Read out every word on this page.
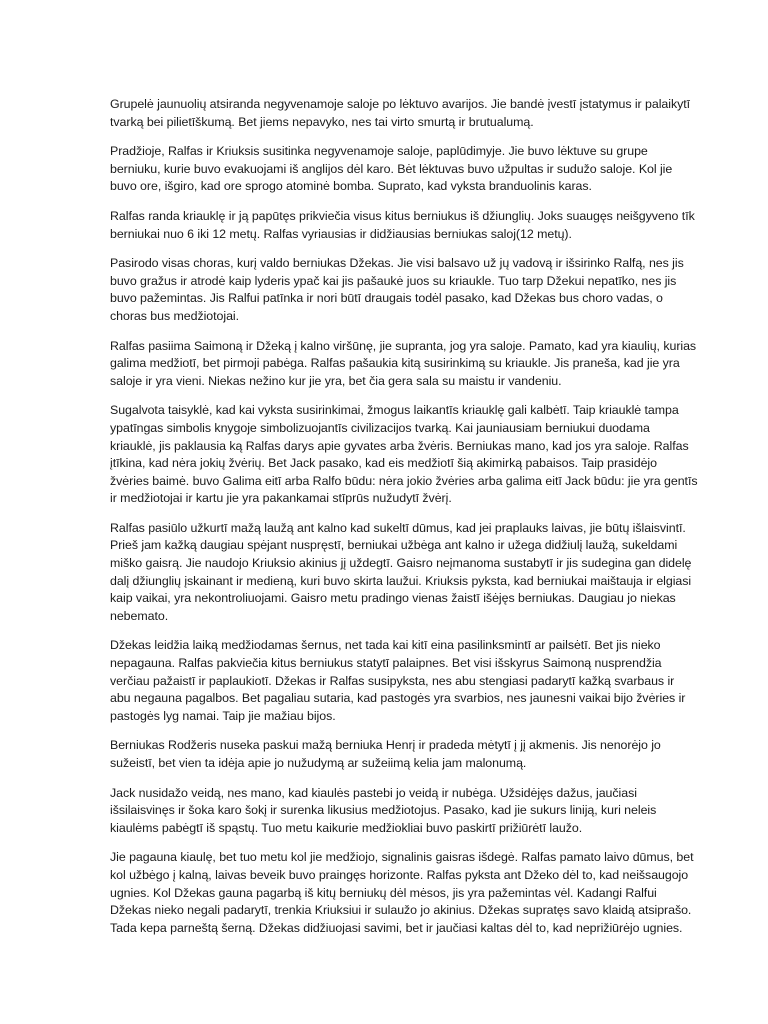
Grupelė jaunuolių atsiranda negyvenamoje saloje po lėktuvo avarijos. Jie bandė įvestī įstatymus ir palaikytī tvarką bei pilietīškumą. Bet jiems nepavyko, nes tai virto smurtą ir brutualumą.

Pradžioje, Ralfas ir Kriuksis susitinka negyvenamoje saloje, paplūdimyje. Jie buvo lėktuve su grupe berniuku, kurie buvo evakuojami iš anglijos dėl karo. Bėt lėktuvas buvo užpultas ir sudužo saloje. Kol jie buvo ore, išgiro, kad ore sprogo atominė bomba. Suprato, kad vyksta branduolinis karas.

Ralfas randa kriauklę ir ją papūtęs prikviečia visus kitus berniukus iš džiunglių. Joks suaugęs neišgyveno tīk berniukai nuo 6 iki 12 metų. Ralfas vyriausias ir didžiausias berniukas saloj(12 metų).

Pasirodo visas choras, kurį valdo berniukas Džekas. Jie visi balsavo už jų vadovą ir išsirinko Ralfą, nes jis buvo gražus ir atrodė kaip lyderis ypač kai jis pašaukė juos su kriaukle. Tuo tarp Džekui nepatīko, nes jis buvo pažemintas. Jis Ralfui patīnka ir nori būtī draugais todėl pasako, kad Džekas bus choro vadas, o choras bus medžiotojai.

Ralfas pasiima Saimoną ir Džeką į kalno viršūnę, jie supranta, jog yra saloje. Pamato, kad yra kiaulių, kurias galima medžiotī, bet pirmoji pabėga. Ralfas pašaukia kitą susirinkimą su kriaukle. Jis praneša, kad jie yra saloje ir yra vieni. Niekas nežino kur jie yra, bet čia gera sala su maistu ir vandeniu.

Sugalvota taisyklė, kad kai vyksta susirinkimai, žmogus laikantīs kriauklę gali kalbėtī. Taip kriauklė tampa ypatīngas simbolis knygoje simbolizuojantīs civilizacijos tvarką. Kai jauniausiam berniukui duodama kriauklė, jis paklausia ką Ralfas darys apie gyvates arba žvėris. Berniukas mano, kad jos yra saloje. Ralfas įtīkina, kad nėra jokių žvėrių. Bet Jack pasako, kad eis medžiotī šią akimirką pabaisos. Taip prasidėjo žvėries baimė. buvo Galima eitī arba Ralfo būdu: nėra jokio žvėries arba galima eitī Jack būdu: jie yra gentīs ir medžiotojai ir kartu jie yra pakankamai stīprūs nužudytī žvėrį.

Ralfas pasiūlo užkurtī mažą laužą ant kalno kad sukeltī dūmus, kad jei praplauks laivas, jie būtų išlaisvintī. Prieš jam kažką daugiau spėjant nuspręstī, berniukai užbėga ant kalno ir užega didžiulį laužą, sukeldami miško gaisrą. Jie naudojo Kriuksio akinius jį uždegtī. Gaisro neįmanoma sustabytī ir jis sudegina gan didelę dalį džiunglių įskainant ir medieną, kuri buvo skirta laužui. Kriuksis pyksta, kad berniukai maištauja ir elgiasi kaip vaikai, yra nekontroliuojami. Gaisro metu pradingo vienas žaistī išėjęs berniukas. Daugiau jo niekas nebemato.

Džekas leidžia laiką medžiodamas šernus, net tada kai kitī eina pasilinksmintī ar pailsėtī. Bet jis nieko nepagauna. Ralfas pakviečia kitus berniukus statytī palaipnes. Bet visi išskyrus Saimoną nusprendžia verčiau pažaistī ir paplaukiotī. Džekas ir Ralfas susipyksta, nes abu stengiasi padarytī kažką svarbaus ir abu negauna pagalbos. Bet pagaliau sutaria, kad pastogės yra svarbios, nes jaunesni vaikai bijo žvėries ir pastogės lyg namai. Taip jie mažiau bijos.

Berniukas Rodžeris nuseka paskui mažą berniuka Henrį ir pradeda mėtytī į jį akmenis. Jis nenorėjo jo sužeistī, bet vien ta idėja apie jo nužudymą ar sužeiimą kelia jam malonumą.

Jack nusidažo veidą, nes mano, kad kiaulės pastebi jo veidą ir nubėga. Užsidėjęs dažus, jaučiasi išsilaisvinęs ir šoka karo šokį ir surenka likusius medžiotojus. Pasako, kad jie sukurs liniją, kuri neleis kiaulėms pabėgtī iš spąstų. Tuo metu kaikurie medžiokliai buvo paskirtī prižiūrėtī laužo.

Jie pagauna kiaulę, bet tuo metu kol jie medžiojo, signalinis gaisras išdegė. Ralfas pamato laivo dūmus, bet kol užbėgo į kalną, laivas beveik buvo praingęs horizonte. Ralfas pyksta ant Džeko dėl to, kad neišsaugojo ugnies. Kol Džekas gauna pagarbą iš kitų berniukų dėl mėsos, jis yra pažemintas vėl. Kadangi Ralfui Džekas nieko negali padarytī, trenkia Kriuksiui ir sulaužo jo akinius. Džekas supratęs savo klaidą atsiprašo. Tada kepa parneštą šerną. Džekas didžiuojasi savimi, bet ir jaučiasi kaltas dėl to, kad neprižiūrėjo ugnies.
